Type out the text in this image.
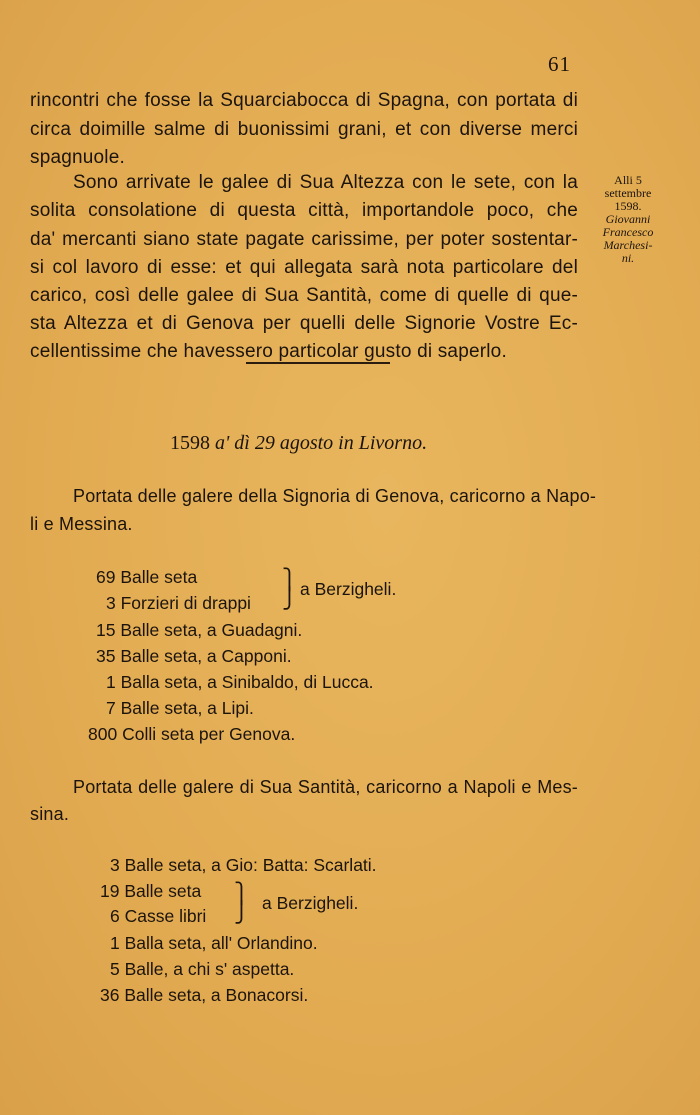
61
rincontri che fosse la Squarciabocca di Spagna, con portata di
circa doimille salme di buonissimi grani, et con diverse merci
spagnuole.
Sono arrivate le galee di Sua Altezza con le sete, con la
solita consolatione di questa città, importandole poco, che
da' mercanti siano state pagate carissime, per poter sostentar-
si col lavoro di esse: et qui allegata sarà nota particolare del
carico, così delle galee di Sua Santità, come di quelle di que-
sta Altezza et di Genova per quelli delle Signorie Vostre Ec-
cellentissime che havessero particolar gusto di saperlo.
Alli 5
settembre
1598.
Giovanni
Francesco
Marchesi-
ni.
1598 a' dì 29 agosto in Livorno.
Portata delle galere della Signoria di Genova, caricorno a Napo-
li e Messina.
69 Balle seta
3 Forzieri di drappi
⎫
⎭ a Berzigheli.
15 Balle seta, a Guadagni.
35 Balle seta, a Capponi.
1 Balla seta, a Sinibaldo, di Lucca.
7 Balle seta, a Lipi.
800 Colli seta per Genova.
Portata delle galere di Sua Santità, caricorno a Napoli e Mes-
sina.
3 Balle seta, a Gio: Batta: Scarlati.
19 Balle seta
6 Casse libri
⎫
⎭ a Berzigheli.
1 Balla seta, all' Orlandino.
5 Balle, a chi s' aspetta.
36 Balle seta, a Bonacorsi.
